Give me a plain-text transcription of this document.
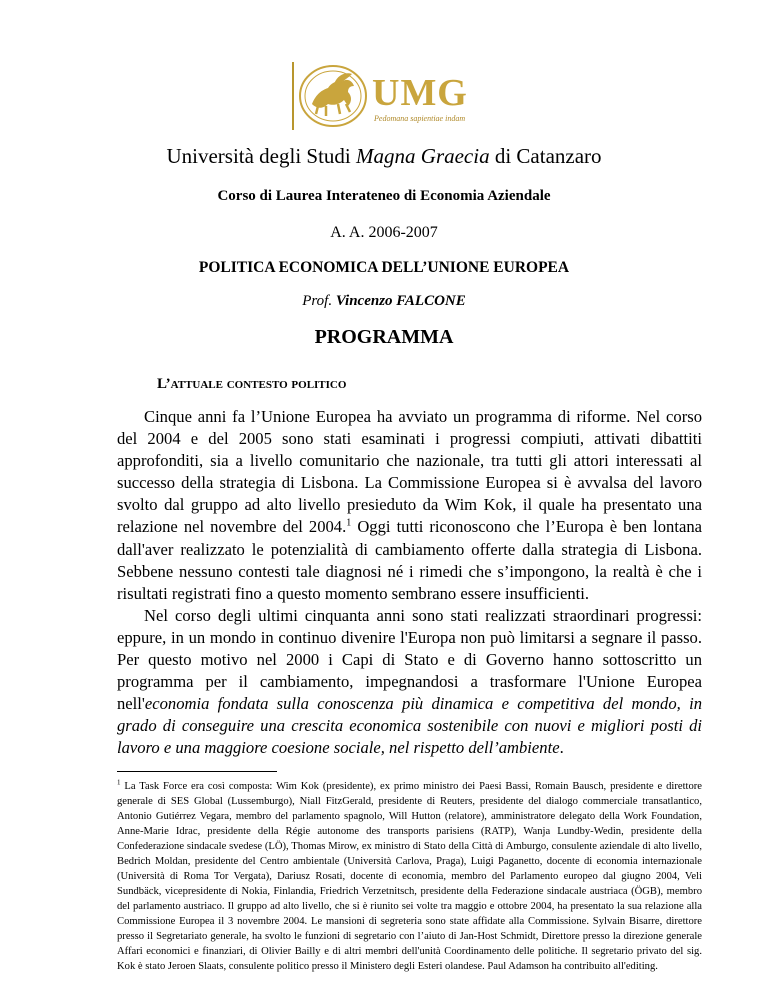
UMG
Pedomana sapientiae indam
Università degli Studi Magna Graecia di Catanzaro
Corso di Laurea Interateneo di Economia Aziendale
A. A. 2006-2007
POLITICA ECONOMICA DELL’UNIONE EUROPEA
Prof. Vincenzo FALCONE
PROGRAMMA
L’attuale contesto politico

Cinque anni fa l’Unione Europea ha avviato un programma di riforme. Nel corso del 2004 e del 2005 sono stati esaminati i progressi compiuti, attivati dibattiti approfonditi, sia a livello comunitario che nazionale, tra tutti gli attori interessati al successo della strategia di Lisbona. La Commissione Europea si è avvalsa del lavoro svolto dal gruppo ad alto livello presieduto da Wim Kok, il quale ha presentato una relazione nel novembre del 2004.$^1$ Oggi tutti riconoscono che l’Europa è ben lontana dall'aver realizzato le potenzialità di cambiamento offerte dalla strategia di Lisbona. Sebbene nessuno contesti tale diagnosi né i rimedi che s’impongono, la realtà è che i risultati registrati fino a questo momento sembrano essere insufficienti.

Nel corso degli ultimi cinquanta anni sono stati realizzati straordinari progressi: eppure, in un mondo in continuo divenire l'Europa non può limitarsi a segnare il passo. Per questo motivo nel 2000 i Capi di Stato e di Governo hanno sottoscritto un programma per il cambiamento, impegnandosi a trasformare l'Unione Europea nell'economia fondata sulla conoscenza più dinamica e competitiva del mondo, in grado di conseguire una crescita economica sostenibile con nuovi e migliori posti di lavoro e una maggiore coesione sociale, nel rispetto dell’ambiente.

$^1$ La Task Force era così composta: Wim Kok (presidente), ex primo ministro dei Paesi Bassi, Romain Bausch, presidente e direttore generale di SES Global (Lussemburgo), Niall FitzGerald, presidente di Reuters, presidente del dialogo commerciale transatlantico, Antonio Gutiérrez Vegara, membro del parlamento spagnolo, Will Hutton (relatore), amministratore delegato della Work Foundation, Anne-Marie Idrac, presidente della Régie autonome des transports parisiens (RATP), Wanja Lundby-Wedin, presidente della Confederazione sindacale svedese (LÖ), Thomas Mirow, ex ministro di Stato della Città di Amburgo, consulente aziendale di alto livello, Bedrich Moldan, presidente del Centro ambientale (Università Carlova, Praga), Luigi Paganetto, docente di economia internazionale (Università di Roma Tor Vergata), Dariusz Rosati, docente di economia, membro del Parlamento europeo dal giugno 2004, Veli Sundbäck, vicepresidente di Nokia, Finlandia, Friedrich Verzetnitsch, presidente della Federazione sindacale austriaca (ÖGB), membro del parlamento austriaco. Il gruppo ad alto livello, che si è riunito sei volte tra maggio e ottobre 2004, ha presentato la sua relazione alla Commissione Europea il 3 novembre 2004. Le mansioni di segreteria sono state affidate alla Commissione. Sylvain Bisarre, direttore presso il Segretariato generale, ha svolto le funzioni di segretario con l’aiuto di Jan-Host Schmidt, Direttore presso la direzione generale Affari economici e finanziari, di Olivier Bailly e di altri membri dell'unità Coordinamento delle politiche. Il segretario privato del sig. Kok è stato Jeroen Slaats, consulente politico presso il Ministero degli Esteri olandese. Paul Adamson ha contribuito all'editing.
